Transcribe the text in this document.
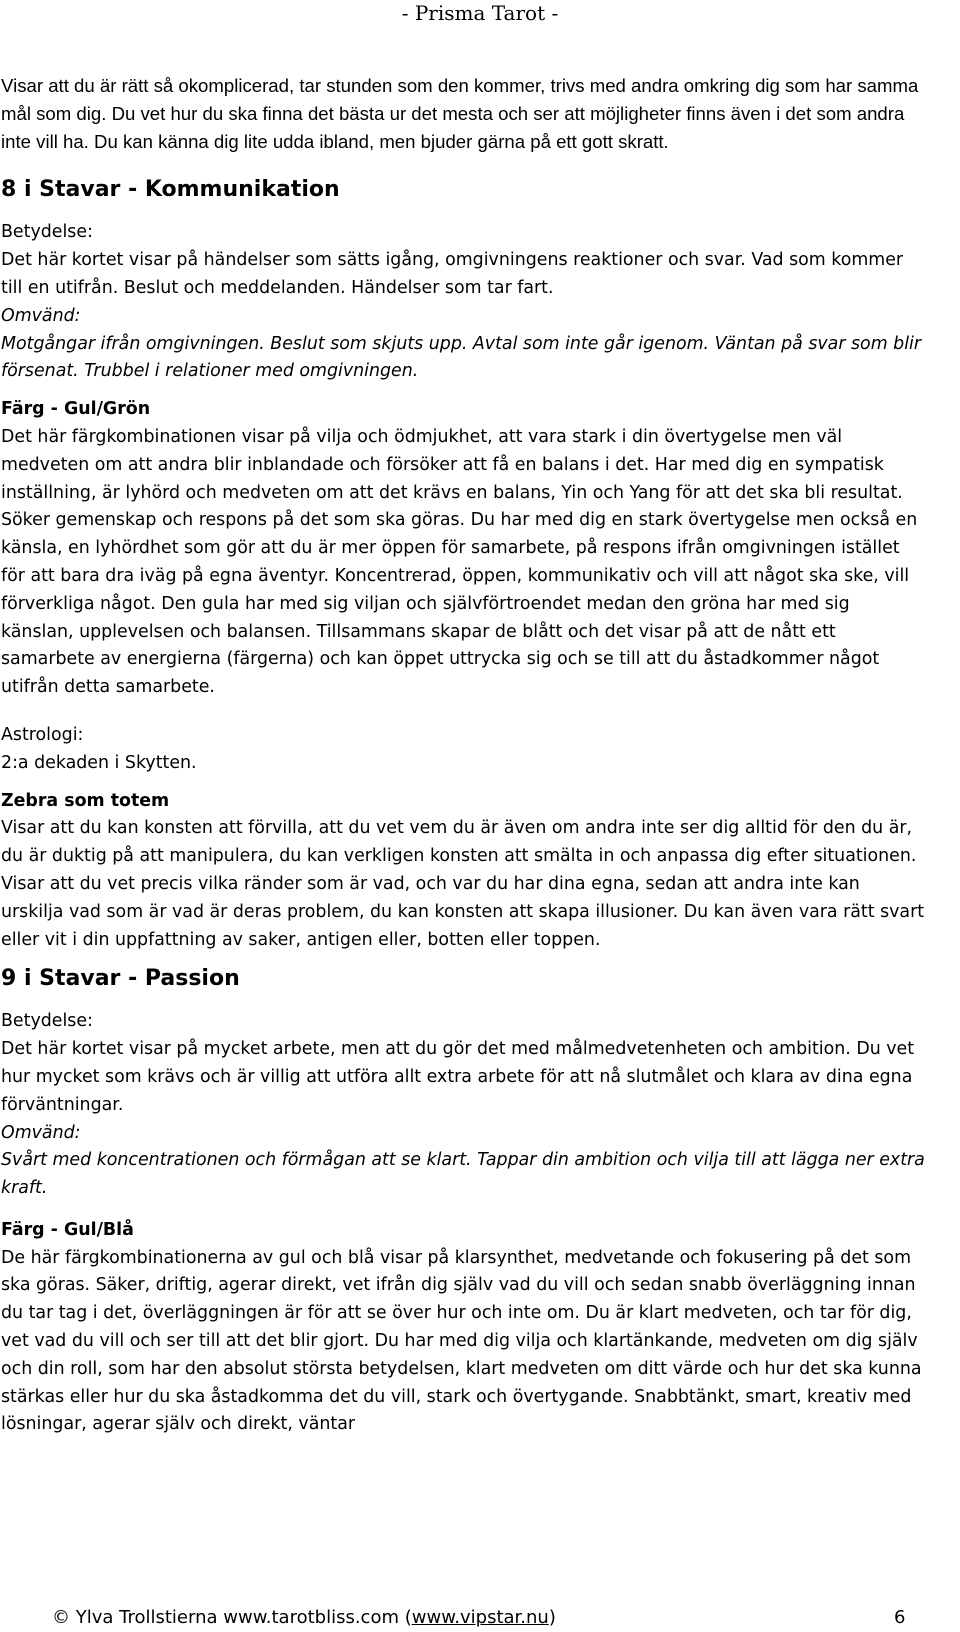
- Prisma Tarot -

Visar att du är rätt så okomplicerad, tar stunden som den kommer, trivs med andra omkring dig som har samma mål som dig. Du vet hur du ska finna det bästa ur det mesta och ser att möjligheter finns även i det som andra inte vill ha. Du kan känna dig lite udda ibland, men bjuder gärna på ett gott skratt.

8 i Stavar - Kommunikation

Betydelse:

Det här kortet visar på händelser som sätts igång, omgivningens reaktioner och svar. Vad som kommer till en utifrån. Beslut och meddelanden. Händelser som tar fart.

Omvänd:

Motgångar ifrån omgivningen. Beslut som skjuts upp. Avtal som inte går igenom. Väntan på svar som blir försenat. Trubbel i relationer med omgivningen.

Färg - Gul/Grön

Det här färgkombinationen visar på vilja och ödmjukhet, att vara stark i din övertygelse men väl medveten om att andra blir inblandade och försöker att få en balans i det. Har med dig en sympatisk inställning, är lyhörd och medveten om att det krävs en balans, Yin och Yang för att det ska bli resultat. Söker gemenskap och respons på det som ska göras. Du har med dig en stark övertygelse men också en känsla, en lyhördhet som gör att du är mer öppen för samarbete, på respons ifrån omgivningen istället för att bara dra iväg på egna äventyr. Koncentrerad, öppen, kommunikativ och vill att något ska ske, vill förverkliga något. Den gula har med sig viljan och självförtroendet medan den gröna har med sig känslan, upplevelsen och balansen. Tillsammans skapar de blått och det visar på att de nått ett samarbete av energierna (färgerna) och kan öppet uttrycka sig och se till att du åstadkommer något utifrån detta samarbete.

Astrologi:

2:a dekaden i Skytten.

Zebra som totem

Visar att du kan konsten att förvilla, att du vet vem du är även om andra inte ser dig alltid för den du är, du är duktig på att manipulera, du kan verkligen konsten att smälta in och anpassa dig efter situationen. Visar att du vet precis vilka ränder som är vad, och var du har dina egna, sedan att andra inte kan urskilja vad som är vad är deras problem, du kan konsten att skapa illusioner. Du kan även vara rätt svart eller vit i din uppfattning av saker, antigen eller, botten eller toppen.

9 i Stavar - Passion

Betydelse:

Det här kortet visar på mycket arbete, men att du gör det med målmedvetenheten och ambition. Du vet hur mycket som krävs och är villig att utföra allt extra arbete för att nå slutmålet och klara av dina egna förväntningar.

Omvänd:

Svårt med koncentrationen och förmågan att se klart. Tappar din ambition och vilja till att lägga ner extra kraft.

Färg - Gul/Blå

De här färgkombinationerna av gul och blå visar på klarsynthet, medvetande och fokusering på det som ska göras. Säker, driftig, agerar direkt, vet ifrån dig själv vad du vill och sedan snabb överläggning innan du tar tag i det, överläggningen är för att se över hur och inte om. Du är klart medveten, och tar för dig, vet vad du vill och ser till att det blir gjort. Du har med dig vilja och klartänkande, medveten om dig själv och din roll, som har den absolut största betydelsen, klart medveten om ditt värde och hur det ska kunna stärkas eller hur du ska åstadkomma det du vill, stark och övertygande. Snabbtänkt, smart, kreativ med lösningar, agerar själv och direkt, väntar

© Ylva Trollstierna www.tarotbliss.com (www.vipstar.nu)	6
